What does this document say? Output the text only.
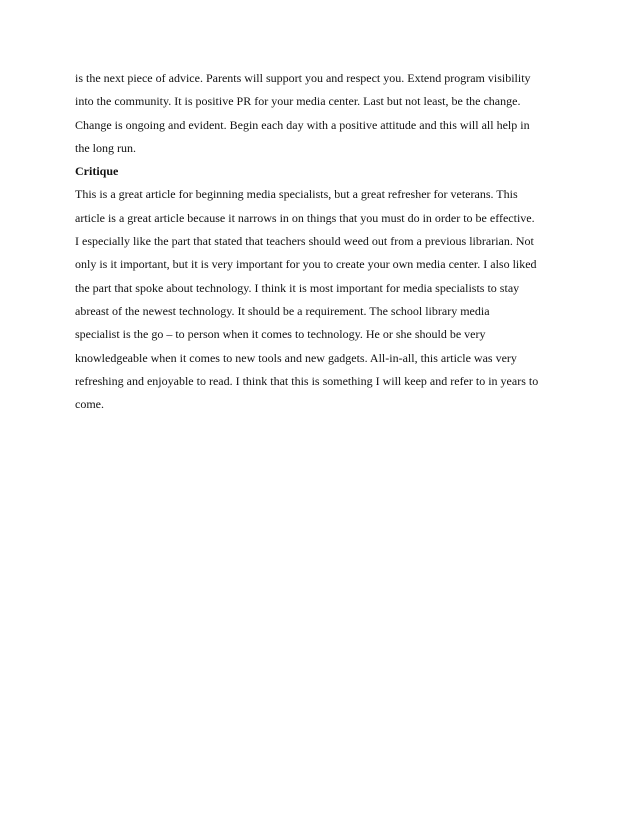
is the next piece of advice. Parents will support you and respect you. Extend program visibility
into the community. It is positive PR for your media center. Last but not least, be the change.
Change is ongoing and evident. Begin each day with a positive attitude and this will all help in
the long run.
Critique
This is a great article for beginning media specialists, but a great refresher for veterans. This
article is a great article because it narrows in on things that you must do in order to be effective.
I especially like the part that stated that teachers should weed out from a previous librarian. Not
only is it important, but it is very important for you to create your own media center. I also liked
the part that spoke about technology. I think it is most important for media specialists to stay
abreast of the newest technology. It should be a requirement. The school library media
specialist is the go – to person when it comes to technology. He or she should be very
knowledgeable when it comes to new tools and new gadgets. All-in-all, this article was very
refreshing and enjoyable to read. I think that this is something I will keep and refer to in years to
come.
